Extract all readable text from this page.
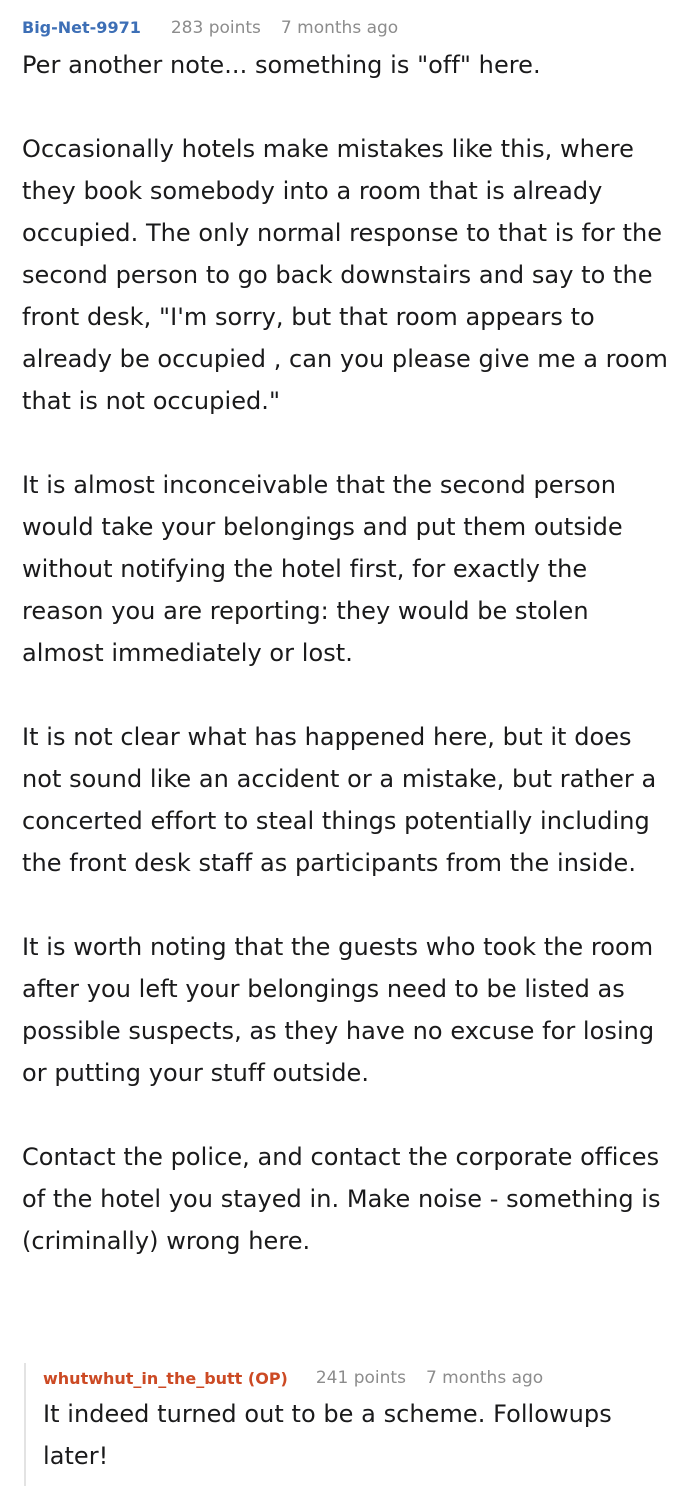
Big-Net-9971 283 points 7 months ago

Per another note... something is "off" here.

Occasionally hotels make mistakes like this, where they book somebody into a room that is already occupied. The only normal response to that is for the second person to go back downstairs and say to the front desk, "I'm sorry, but that room appears to already be occupied , can you please give me a room that is not occupied."

It is almost inconceivable that the second person would take your belongings and put them outside without notifying the hotel first, for exactly the reason you are reporting: they would be stolen almost immediately or lost.

It is not clear what has happened here, but it does not sound like an accident or a mistake, but rather a concerted effort to steal things potentially including the front desk staff as participants from the inside.

It is worth noting that the guests who took the room after you left your belongings need to be listed as possible suspects, as they have no excuse for losing or putting your stuff outside.

Contact the police, and contact the corporate offices of the hotel you stayed in. Make noise - something is (criminally) wrong here.

whutwhut_in_the_butt (OP) 241 points 7 months ago

It indeed turned out to be a scheme. Followups later!
